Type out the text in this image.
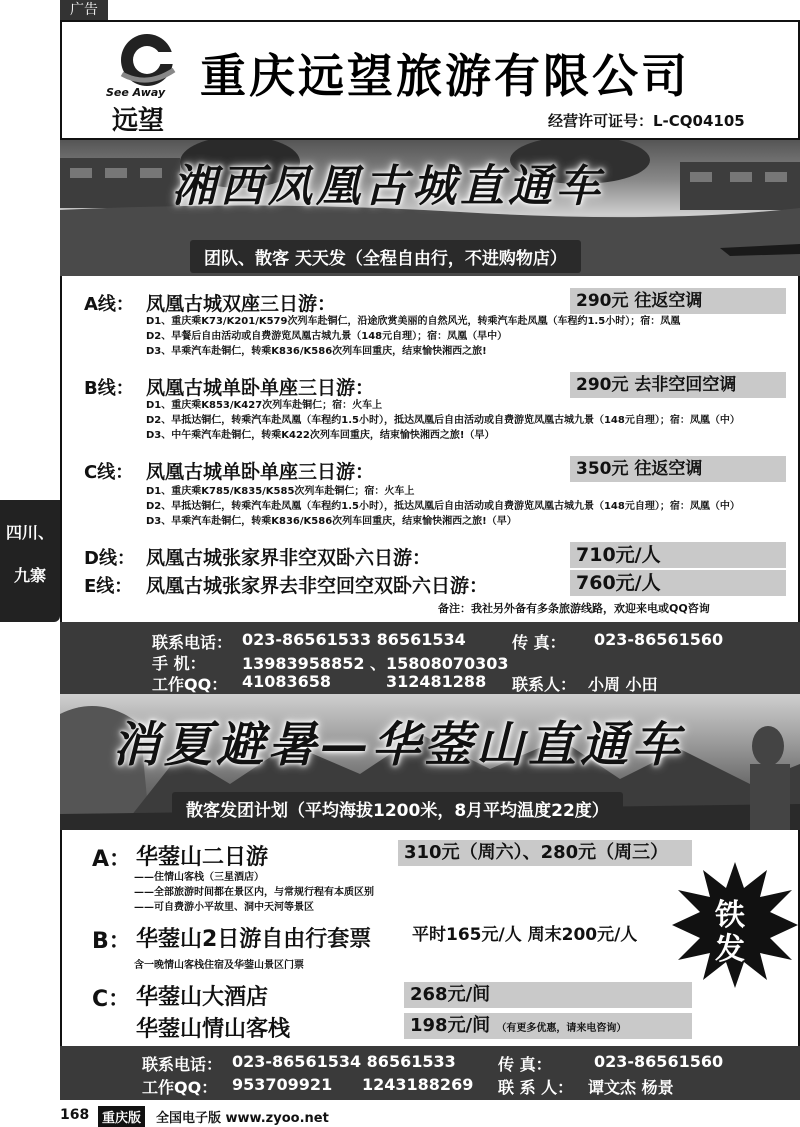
广告
See Away
远望
重庆远望旅游有限公司
经营许可证号：L-CQ04105
湘西凤凰古城直通车
团队、散客 天天发（全程自由行，不进购物店）
A线： 凤凰古城双座三日游：	290元 往返空调
D1、重庆乘K73/K201/K579次列车赴铜仁，沿途欣赏美丽的自然风光，转乘汽车赴凤凰（车程约1.5小时）；宿：凤凰
D2、早餐后自由活动或自费游览凤凰古城九景（148元自理）；宿：凤凰（早中）
D3、早乘汽车赴铜仁，转乘K836/K586次列车回重庆，结束愉快湘西之旅!
B线： 凤凰古城单卧单座三日游：	290元 去非空回空调
D1、重庆乘K853/K427次列车赴铜仁；宿：火车上
D2、早抵达铜仁，转乘汽车赴凤凰（车程约1.5小时），抵达凤凰后自由活动或自费游览凤凰古城九景（148元自理）；宿：凤凰（中）
D3、中午乘汽车赴铜仁，转乘K422次列车回重庆，结束愉快湘西之旅!（早）
C线： 凤凰古城单卧单座三日游：	350元 往返空调
D1、重庆乘K785/K835/K585次列车赴铜仁；宿：火车上
D2、早抵达铜仁，转乘汽车赴凤凰（车程约1.5小时），抵达凤凰后自由活动或自费游览凤凰古城九景（148元自理）；宿：凤凰（中）
D3、早乘汽车赴铜仁，转乘K836/K586次列车回重庆，结束愉快湘西之旅!（早）
D线： 凤凰古城张家界非空双卧六日游：	710元/人
E线： 凤凰古城张家界去非空回空双卧六日游：	760元/人
备注：我社另外备有多条旅游线路，欢迎来电或QQ咨询
四川、
九寨
联系电话： 023-86561533 86561534	传 真： 023-86561560
手 机： 13983958852 、15808070303
工作QQ： 41083658	312481288 联系人： 小周 小田
消夏避暑—华蓥山直通车
散客发团计划（平均海拔1200米，8月平均温度22度）
A： 华蓥山二日游	310元（周六）、280元（周三）
——住情山客栈（三星酒店）
——全部旅游时间都在景区内，与常规行程有本质区别
——可自费游小平故里、洞中天河等景区
B： 华蓥山2日游自由行套票	平时165元/人 周末200元/人
含一晚情山客栈住宿及华蓥山景区门票
C： 华蓥山大酒店	268元/间
华蓥山情山客栈	198元/间 （有更多优惠，请来电咨询）
铁
发
联系电话： 023-86561534 86561533	传 真：	023-86561560
工作QQ： 953709921 1243188269 联 系 人： 谭文杰 杨景
168 重庆版	全国电子版 www.zyoo.net
